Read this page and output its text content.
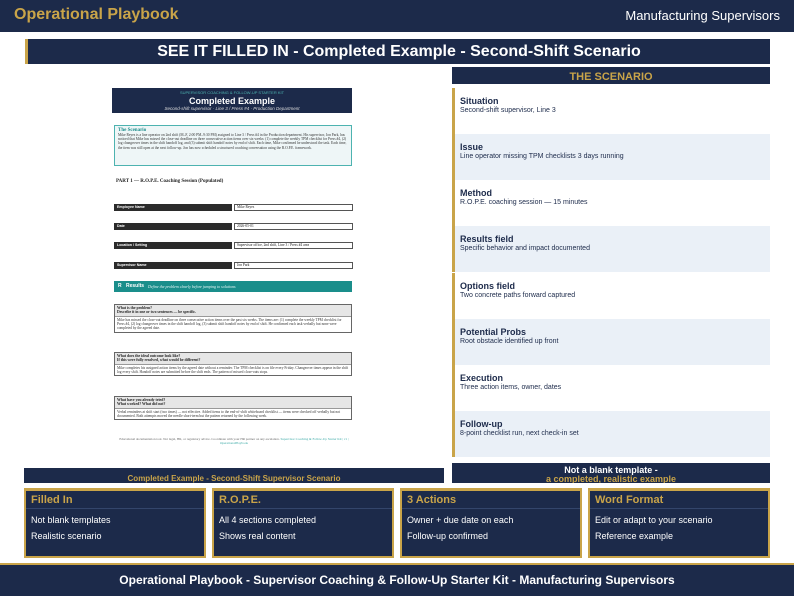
Operational Playbook	Manufacturing Supervisors
SEE IT FILLED IN - Completed Example - Second-Shift Scenario
SUPERVISOR COACHING & FOLLOW-UP STARTER KIT
Completed Example
Second-shift supervisor · Line 3 / Press #4 · Production Department
The Scenario
Mike Reyes is a line operator on 2nd shift (M–F, 2:00 PM–9:30 PM) assigned to Line 3 / Press #4 in the Production department. His supervisor, Jon Park, has noticed that Mike has missed the close-out deadline on three consecutive action items over six weeks: (1) complete the weekly TPM checklist for Press #4, (2) log changeover times in the shift handoff log, and (3) submit shift handoff notes by end of shift. Each time, Mike confirmed he understood the task. Each time, the item was still open at the next follow-up. Jon has now scheduled a structured coaching conversation using the R.O.P.E. framework.
PART 1 — R.O.P.E. Coaching Session (Populated)
Employee Name	Mike Reyes
Date	2026-05-01
Location / Setting	Supervisor office, 2nd shift, Line 3 / Press #4 area
Supervisor Name	Jon Park
R Results Define the problem clearly before jumping to solutions
What is the problem?
Describe it in one or two sentences — be specific.
Mike has missed the close-out deadline on three consecutive action items over the past six weeks. The items are: (1) complete the weekly TPM checklist for Press #4, (2) log changeover times in the shift handoff log, (3) submit shift handoff notes by end of shift. He confirmed each task verbally but none were completed by the agreed date.
What does the ideal outcome look like?
If this were fully resolved, what would be different?
Mike completes his assigned action items by the agreed date without a reminder. The TPM checklist is on file every Friday. Changeover times appear in the shift log every shift. Handoff notes are submitted before the shift ends. The pattern of missed close-outs stops.
What have you already tried?
What worked? What did not?
Verbal reminders at shift start (two times) — not effective. Added items to the end-of-shift whiteboard checklist — items were checked off verbally but not documented. Both attempts moved the needle short-term but the pattern returned by the following week.
Educational documentation tool. Not legal, HR, or regulatory advice. Coordinate with your HR partner on any escalation. Supervisor Coaching & Follow-Up Starter Kit | v1 | OperationalPlaybook
Completed Example - Second-Shift Supervisor Scenario
THE SCENARIO
Situation
Second-shift supervisor, Line 3
Issue
Line operator missing TPM checklists 3 days running
Method
R.O.P.E. coaching session — 15 minutes
Results field
Specific behavior and impact documented
Options field
Two concrete paths forward captured
Potential Probs
Root obstacle identified up front
Execution
Three action items, owner, dates
Follow-up
8-point checklist run, next check-in set
Not a blank template -
a completed, realistic example
Filled In
Not blank templates
Realistic scenario
R.O.P.E.
All 4 sections completed
Shows real content
3 Actions
Owner + due date on each
Follow-up confirmed
Word Format
Edit or adapt to your scenario
Reference example
Operational Playbook - Supervisor Coaching & Follow-Up Starter Kit - Manufacturing Supervisors
